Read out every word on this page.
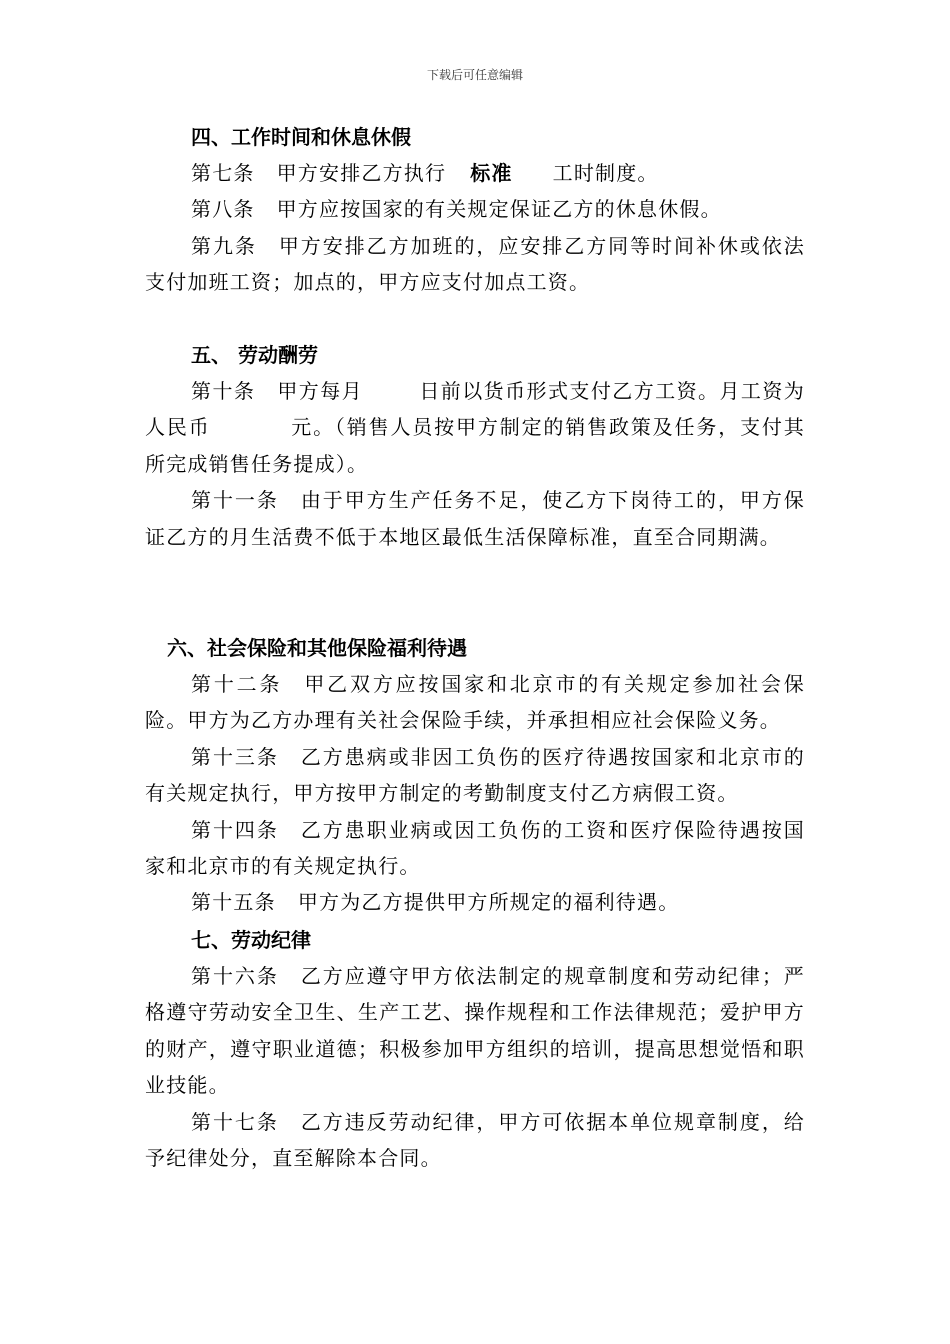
下载后可任意编辑
四、工作时间和休息休假

第七条 甲方安排乙方执行 标准 工时制度。

第八条 甲方应按国家的有关规定保证乙方的休息休假。

第九条 甲方安排乙方加班的，应安排乙方同等时间补休或依法支付加班工资；加点的，甲方应支付加点工资。

五、 劳动酬劳

第十条 甲方每月	日前以货币形式支付乙方工资。月工资为人民币	元。（销售人员按甲方制定的销售政策及任务，支付其所完成销售任务提成）。

第十一条 由于甲方生产任务不足，使乙方下岗待工的，甲方保证乙方的月生活费不低于本地区最低生活保障标准，直至合同期满。

六、社会保险和其他保险福利待遇

第十二条 甲乙双方应按国家和北京市的有关规定参加社会保险。甲方为乙方办理有关社会保险手续，并承担相应社会保险义务。

第十三条 乙方患病或非因工负伤的医疗待遇按国家和北京市的有关规定执行，甲方按甲方制定的考勤制度支付乙方病假工资。

第十四条 乙方患职业病或因工负伤的工资和医疗保险待遇按国家和北京市的有关规定执行。

第十五条 甲方为乙方提供甲方所规定的福利待遇。

七、劳动纪律

第十六条 乙方应遵守甲方依法制定的规章制度和劳动纪律；严格遵守劳动安全卫生、生产工艺、操作规程和工作法律规范；爱护甲方的财产，遵守职业道德；积极参加甲方组织的培训，提高思想觉悟和职业技能。

第十七条 乙方违反劳动纪律，甲方可依据本单位规章制度，给予纪律处分，直至解除本合同。
